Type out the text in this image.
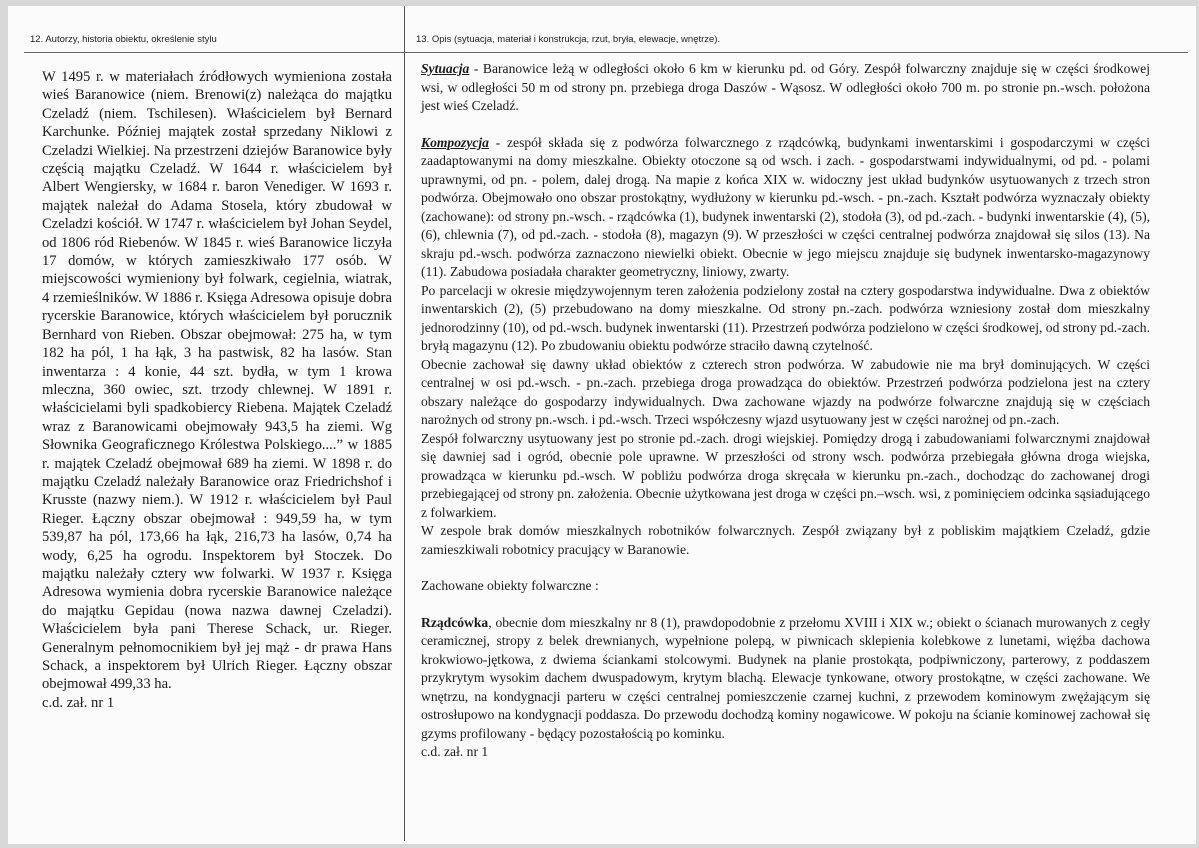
12. Autorzy, historia obiektu, określenie stylu	13. Opis (sytuacja, materiał i konstrukcja, rzut, bryła, elewacje, wnętrze).

W 1495 r. w materiałach źródłowych wymieniona została wieś Baranowice (niem. Brenowi(z) należąca do majątku Czeladź (niem. Tschilesen). Właścicielem był Bernard Karchunke. Później majątek został sprzedany Niklowi z Czeladzi Wielkiej. Na przestrzeni dziejów Baranowice były częścią majątku Czeladź. W 1644 r. właścicielem był Albert Wengiersky, w 1684 r. baron Venediger. W 1693 r. majątek należał do Adama Stosela, który zbudował w Czeladzi kościół. W 1747 r. właścicielem był Johan Seydel, od 1806 ród Riebenów. W 1845 r. wieś Baranowice liczyła 17 domów, w których zamieszkiwało 177 osób. W miejscowości wymieniony był folwark, cegielnia, wiatrak, 4 rzemieślników. W 1886 r. Księga Adresowa opisuje dobra rycerskie Baranowice, których właścicielem był porucznik Bernhard von Rieben. Obszar obejmował: 275 ha, w tym 182 ha pól, 1 ha łąk, 3 ha pastwisk, 82 ha lasów. Stan inwentarza : 4 konie, 44 szt. bydła, w tym 1 krowa mleczna, 360 owiec, szt. trzody chlewnej. W 1891 r. właścicielami byli spadkobiercy Riebena. Majątek Czeladź wraz z Baranowicami obejmowały 943,5 ha ziemi. Wg Słownika Geograficznego Królestwa Polskiego....” w 1885 r. majątek Czeladź obejmował 689 ha ziemi. W 1898 r. do majątku Czeladź należały Baranowice oraz Friedrichshof i Krusste (nazwy niem.). W 1912 r. właścicielem był Paul Rieger. Łączny obszar obejmował : 949,59 ha, w tym 539,87 ha pól, 173,66 ha łąk, 216,73 ha lasów, 0,74 ha wody, 6,25 ha ogrodu. Inspektorem był Stoczek. Do majątku należały cztery ww folwarki. W 1937 r. Księga Adresowa wymienia dobra rycerskie Baranowice należące do majątku Gepidau (nowa nazwa dawnej Czeladzi). Właścicielem była pani Therese Schack, ur. Rieger. Generalnym pełnomocnikiem był jej mąż - dr prawa Hans Schack, a inspektorem był Ulrich Rieger. Łączny obszar obejmował 499,33 ha.

c.d. zał. nr 1

Sytuacja - Baranowice leżą w odległości około 6 km w kierunku pd. od Góry. Zespół folwarczny znajduje się w części środkowej wsi, w odległości 50 m od strony pn. przebiega droga Daszów - Wąsosz. W odległości około 700 m. po stronie pn.-wsch. położona jest wieś Czeladź.

Kompozycja - zespół składa się z podwórza folwarcznego z rządcówką, budynkami inwentarskimi i gospodarczymi w części zaadaptowanymi na domy mieszkalne. Obiekty otoczone są od wsch. i zach. - gospodarstwami indywidualnymi, od pd. - polami uprawnymi, od pn. - polem, dalej drogą. Na mapie z końca XIX w. widoczny jest układ budynków usytuowanych z trzech stron podwórza. Obejmowało ono obszar prostokątny, wydłużony w kierunku pd.-wsch. - pn.-zach. Kształt podwórza wyznaczały obiekty (zachowane): od strony pn.-wsch. - rządcówka (1), budynek inwentarski (2), stodoła (3), od pd.-zach. - budynki inwentarskie (4), (5), (6), chlewnia (7), od pd.-zach. - stodoła (8), magazyn (9). W przeszłości w części centralnej podwórza znajdował się silos (13). Na skraju pd.-wsch. podwórza zaznaczono niewielki obiekt. Obecnie w jego miejscu znajduje się budynek inwentarsko-magazynowy (11). Zabudowa posiadała charakter geometryczny, liniowy, zwarty.

Po parcelacji w okresie międzywojennym teren założenia podzielony został na cztery gospodarstwa indywidualne. Dwa z obiektów inwentarskich (2), (5) przebudowano na domy mieszkalne. Od strony pn.-zach. podwórza wzniesiony został dom mieszkalny jednorodzinny (10), od pd.-wsch. budynek inwentarski (11). Przestrzeń podwórza podzielono w części środkowej, od strony pd.-zach. bryłą magazynu (12). Po zbudowaniu obiektu podwórze straciło dawną czytelność.

Obecnie zachował się dawny układ obiektów z czterech stron podwórza. W zabudowie nie ma brył dominujących. W części centralnej w osi pd.-wsch. - pn.-zach. przebiega droga prowadząca do obiektów. Przestrzeń podwórza podzielona jest na cztery obszary należące do gospodarzy indywidualnych. Dwa zachowane wjazdy na podwórze folwarczne znajdują się w częściach narożnych od strony pn.-wsch. i pd.-wsch. Trzeci współczesny wjazd usytuowany jest w części narożnej od pn.-zach.

Zespół folwarczny usytuowany jest po stronie pd.-zach. drogi wiejskiej. Pomiędzy drogą i zabudowaniami folwarcznymi znajdował się dawniej sad i ogród, obecnie pole uprawne. W przeszłości od strony wsch. podwórza przebiegała główna droga wiejska, prowadząca w kierunku pd.-wsch. W pobliżu podwórza droga skręcała w kierunku pn.-zach., dochodząc do zachowanej drogi przebiegającej od strony pn. założenia. Obecnie użytkowana jest droga w części pn.–wsch. wsi, z pominięciem odcinka sąsiadującego z folwarkiem.

W zespole brak domów mieszkalnych robotników folwarcznych. Zespół związany był z pobliskim majątkiem Czeladź, gdzie zamieszkiwali robotnicy pracujący w Baranowie.

Zachowane obiekty folwarczne :

Rządcówka, obecnie dom mieszkalny nr 8 (1), prawdopodobnie z przełomu XVIII i XIX w.; obiekt o ścianach murowanych z cegły ceramicznej, stropy z belek drewnianych, wypełnione polepą, w piwnicach sklepienia kolebkowe z lunetami, więźba dachowa krokwiowo-jętkowa, z dwiema ściankami stolcowymi. Budynek na planie prostokąta, podpiwniczony, parterowy, z poddaszem przykrytym wysokim dachem dwuspadowym, krytym blachą. Elewacje tynkowane, otwory prostokątne, w części zachowane. We wnętrzu, na kondygnacji parteru w części centralnej pomieszczenie czarnej kuchni, z przewodem kominowym zwężającym się ostrosłupowo na kondygnacji poddasza. Do przewodu dochodzą kominy nogawicowe. W pokoju na ścianie kominowej zachował się gzyms profilowany - będący pozostałością po kominku.

c.d. zał. nr 1
